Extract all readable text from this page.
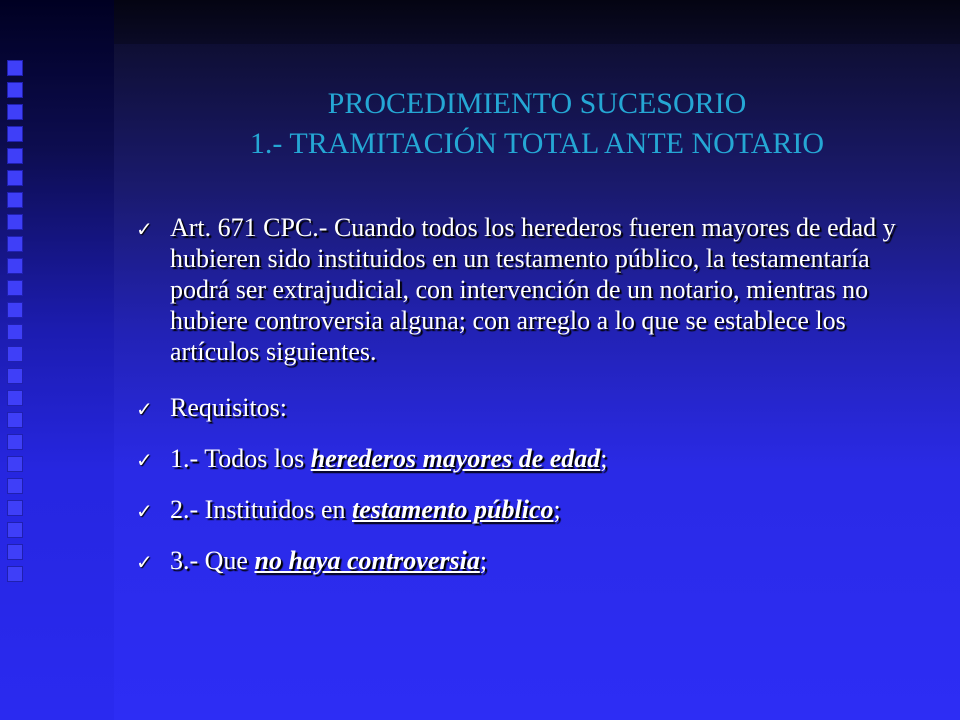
PROCEDIMIENTO SUCESORIO
1.- TRAMITACIÓN TOTAL ANTE NOTARIO
✓ Art. 671 CPC.- Cuando todos los herederos fueren mayores de edad y hubieren sido instituidos en un testamento público, la testamentaría podrá ser extrajudicial, con intervención de un notario, mientras no hubiere controversia alguna; con arreglo a lo que se establece los artículos siguientes.
✓ Requisitos:
✓ 1.- Todos los herederos mayores de edad;
✓ 2.- Instituidos en testamento público;
✓ 3.- Que no haya controversia;
